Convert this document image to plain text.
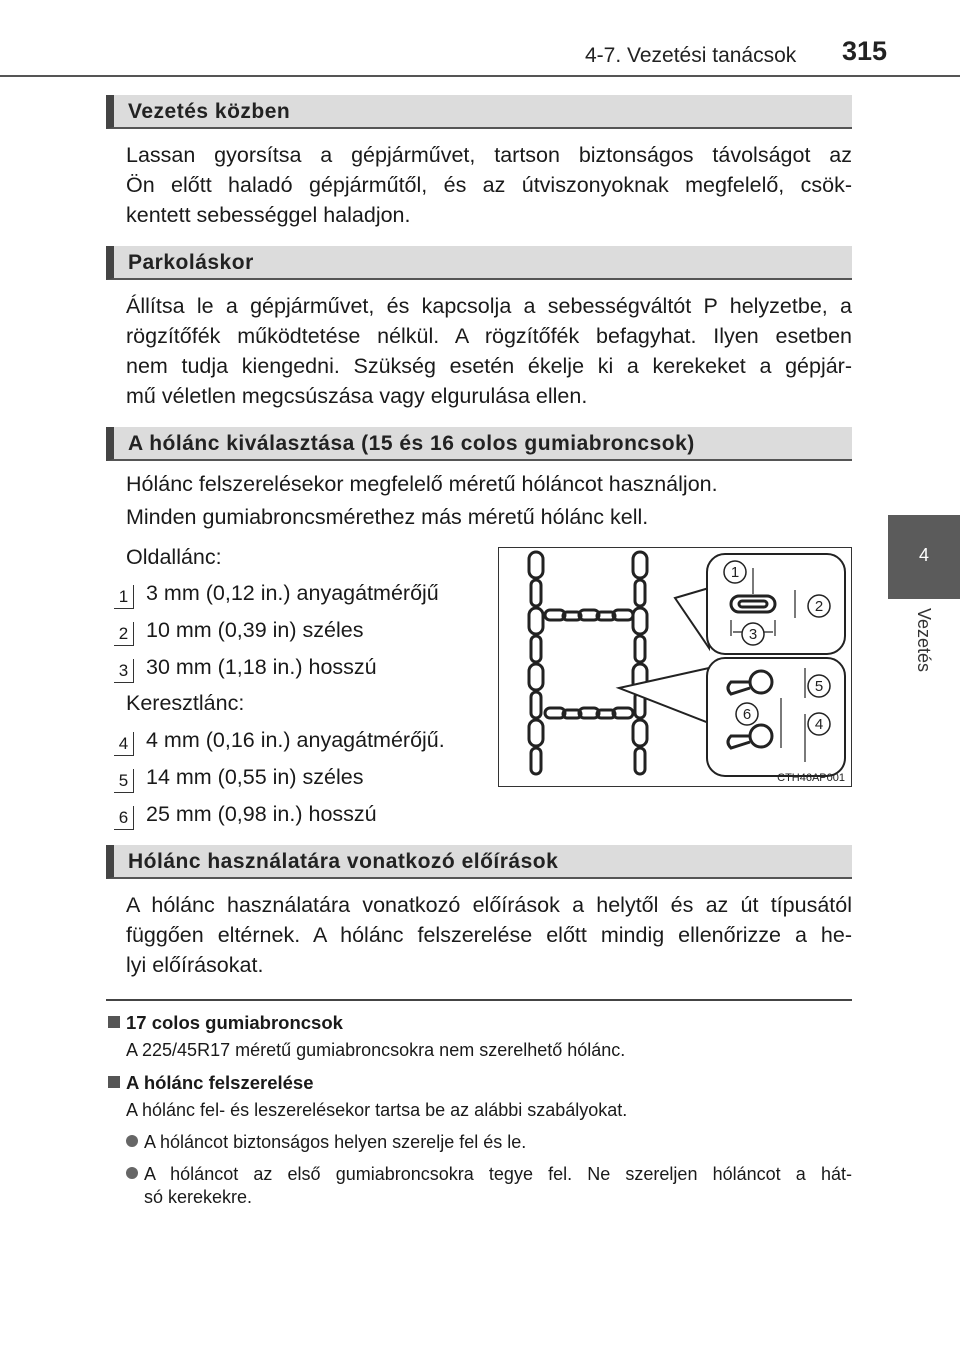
4-7. Vezetési tanácsok 315
4
Vezetés
Vezetés közben
Lassan gyorsítsa a gépjárművet, tartson biztonságos távolságot az
Ön előtt haladó gépjárműtől, és az útviszonyoknak megfelelő, csök-
kentett sebességgel haladjon.
Parkoláskor
Állítsa le a gépjárművet, és kapcsolja a sebességváltót P helyzetbe, a
rögzítőfék működtetése nélkül. A rögzítőfék befagyhat. Ilyen esetben
nem tudja kiengedni. Szükség esetén ékelje ki a kerekeket a gépjár-
mű véletlen megcsúszása vagy elgurulása ellen.
A hólánc kiválasztása (15 és 16 colos gumiabroncsok)
Hólánc felszerelésekor megfelelő méretű hóláncot használjon.
Minden gumiabroncsmérethez más méretű hólánc kell.
Oldallánc:
1 3 mm (0,12 in.) anyagátmérőjű
2 10 mm (0,39 in) széles
3 30 mm (1,18 in.) hosszú
Keresztlánc:
4 4 mm (0,16 in.) anyagátmérőjű.
5 14 mm (0,55 in) széles
6 25 mm (0,98 in.) hosszú
1
2
3
4
5
6
CTH46AP001
Hólánc használatára vonatkozó előírások
A hólánc használatára vonatkozó előírások a helytől és az út típusától
függően eltérnek. A hólánc felszerelése előtt mindig ellenőrizze a he-
lyi előírásokat.
17 colos gumiabroncsok
A 225/45R17 méretű gumiabroncsokra nem szerelhető hólánc.
A hólánc felszerelése
A hólánc fel- és leszerelésekor tartsa be az alábbi szabályokat.
A hóláncot biztonságos helyen szerelje fel és le.
A hóláncot az első gumiabroncsokra tegye fel. Ne szereljen hóláncot a hát-
só kerekekre.
